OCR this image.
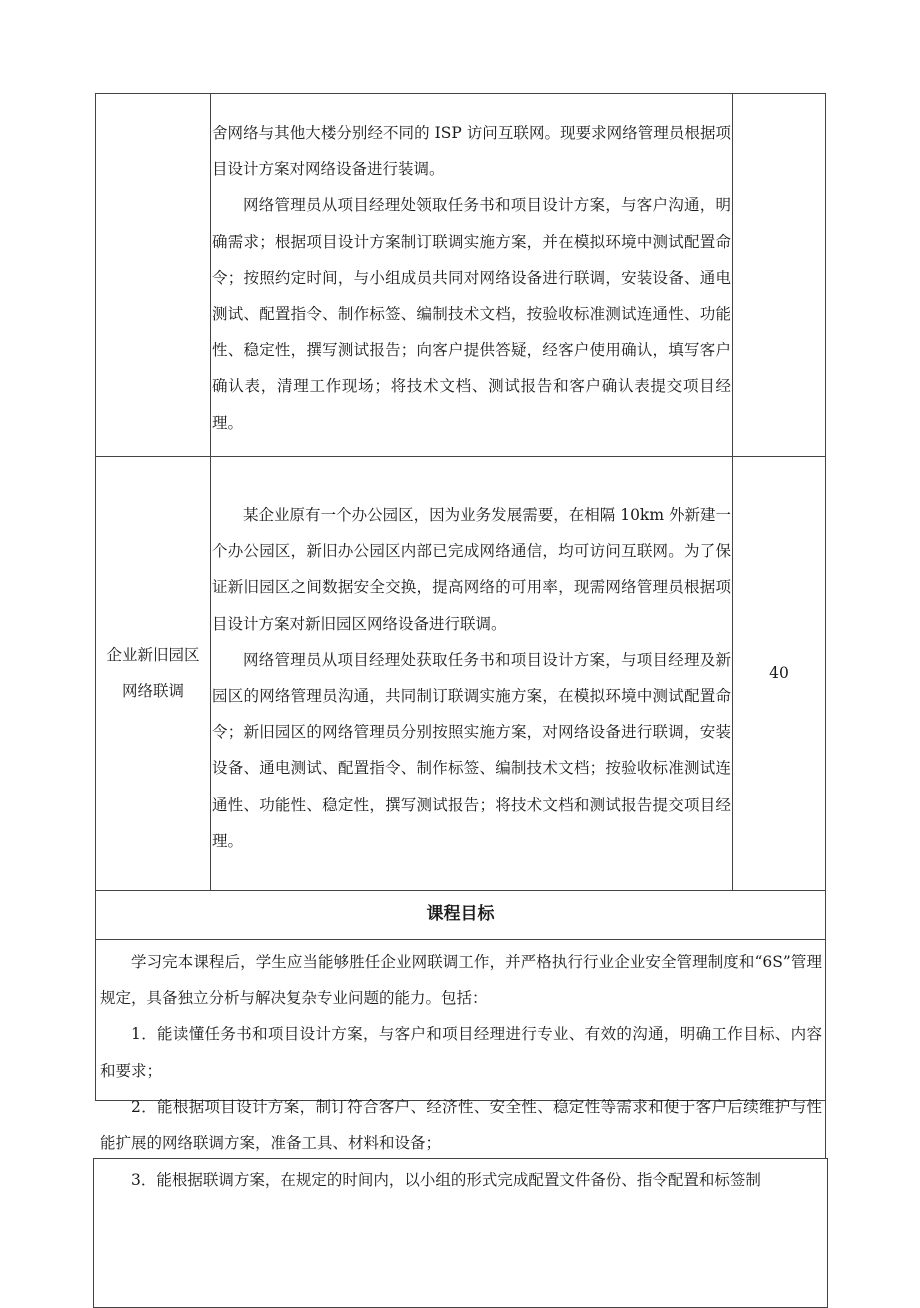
舍网络与其他大楼分别经不同的 ISP 访问互联网。现要求网络管理员根据项目设计方案对网络设备进行装调。

网络管理员从项目经理处领取任务书和项目设计方案，与客户沟通，明确需求；根据项目设计方案制订联调实施方案，并在模拟环境中测试配置命令；按照约定时间，与小组成员共同对网络设备进行联调，安装设备、通电测试、配置指令、制作标签、编制技术文档，按验收标准测试连通性、功能性、稳定性，撰写测试报告；向客户提供答疑，经客户使用确认，填写客户确认表，清理工作现场；将技术文档、测试报告和客户确认表提交项目经理。

企业新旧园区网络联调

某企业原有一个办公园区，因为业务发展需要，在相隔 10km 外新建一个办公园区，新旧办公园区内部已完成网络通信，均可访问互联网。为了保证新旧园区之间数据安全交换，提高网络的可用率，现需网络管理员根据项目设计方案对新旧园区网络设备进行联调。

网络管理员从项目经理处获取任务书和项目设计方案，与项目经理及新园区的网络管理员沟通，共同制订联调实施方案，在模拟环境中测试配置命令；新旧园区的网络管理员分别按照实施方案，对网络设备进行联调，安装设备、通电测试、配置指令、制作标签、编制技术文档；按验收标准测试连通性、功能性、稳定性，撰写测试报告；将技术文档和测试报告提交项目经理。

40
课程目标

学习完本课程后，学生应当能够胜任企业网联调工作，并严格执行行业企业安全管理制度和“6S”管理规定，具备独立分析与解决复杂专业问题的能力。包括：

1．能读懂任务书和项目设计方案，与客户和项目经理进行专业、有效的沟通，明确工作目标、内容和要求；

2．能根据项目设计方案，制订符合客户、经济性、安全性、稳定性等需求和便于客户后续维护与性能扩展的网络联调方案，准备工具、材料和设备；

3．能根据联调方案，在规定的时间内，以小组的形式完成配置文件备份、指令配置和标签制
